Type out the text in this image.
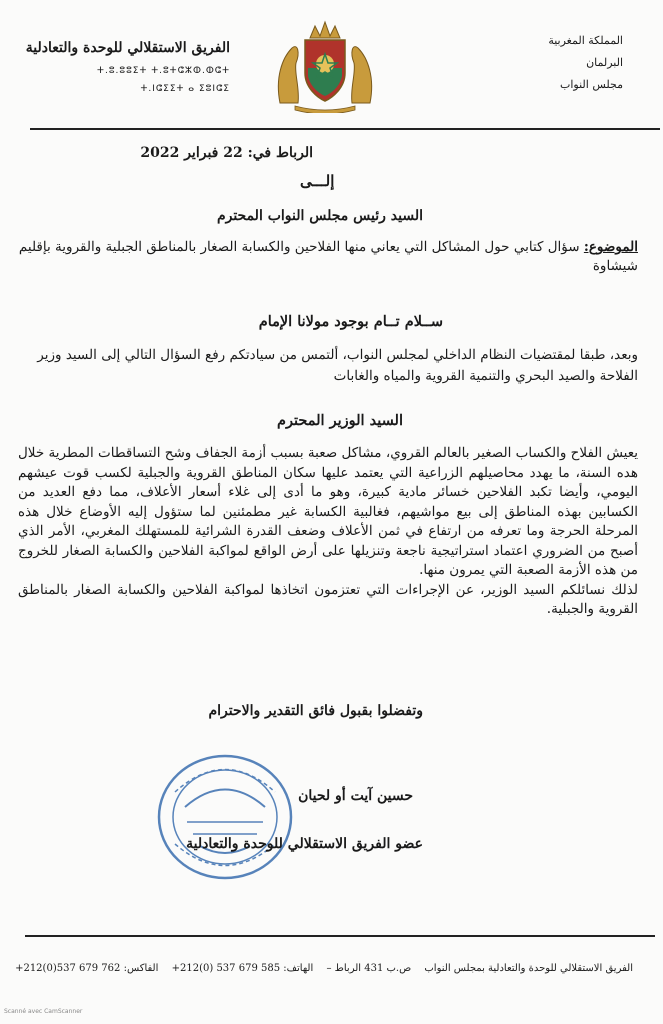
المملكة المغربية
البرلمان
مجلس النواب
الفريق الاستقلالي للوحدة والتعادلية
ⵜ.ⵓ.ⵓⵓⵉⵜ ⵜ.ⵓⵜⵛⵣⵀ.ⵀⵛⵜ
ⵜ.ⵏⵛⵉⵉⵜ ⴰ ⵉⵓⵏⵛⵉ
الرباط في: 22 فبراير 2022
إلـــى
السيد رئيس مجلس النواب المحترم
الموضوع: سؤال كتابي حول المشاكل التي يعاني منها الفلاحين والكسابة الصغار بالمناطق الجبلية والقروية بإقليم شيشاوة
ســلام تــام بوجود مولانا الإمام
وبعد، طبقا لمقتضيات النظام الداخلي لمجلس النواب، ألتمس من سيادتكم رفع السؤال التالي إلى السيد وزير الفلاحة والصيد البحري والتنمية القروية والمياه والغابات
السيد الوزير المحترم
يعيش الفلاح والكساب الصغير بالعالم القروي، مشاكل صعبة بسبب أزمة الجفاف وشح التساقطات المطرية خلال هده السنة، ما يهدد محاصيلهم الزراعية التي يعتمد عليها سكان المناطق القروية والجبلية لكسب قوت عيشهم اليومي، وأيضا تكبد الفلاحين خسائر مادية كبيرة، وهو ما أدى إلى غلاء أسعار الأعلاف، مما دفع العديد من الكسابين بهذه المناطق إلى بيع مواشيهم، فغالبية الكسابة غير مطمئنين لما ستؤول إليه الأوضاع خلال هذه المرحلة الحرجة وما تعرفه من ارتفاع في ثمن الأعلاف وضعف القدرة الشرائية للمستهلك المغربي، الأمر الذي أصبح من الضروري اعتماد استراتيجية ناجعة وتنزيلها على أرض الواقع لمواكبة الفلاحين والكسابة الصغار للخروج من هذه الأزمة الصعبة التي يمرون منها.
لذلك نسائلكم السيد الوزير، عن الإجراءات التي تعتزمون اتخاذها لمواكبة الفلاحين والكسابة الصغار بالمناطق القروية والجبلية.
وتفضلوا بقبول فائق التقدير والاحترام
حسين آيت أو لحيان
عضو الفريق الاستقلالي للوحدة والتعادلية
الفريق الاستقلالي للوحدة والتعادلية بمجلس النواب ص.ب 431 الرباط – الهاتف: 585 679 537 (0)212+ الفاكس: 762 679 537(0)212+
Scanné avec CamScanner
